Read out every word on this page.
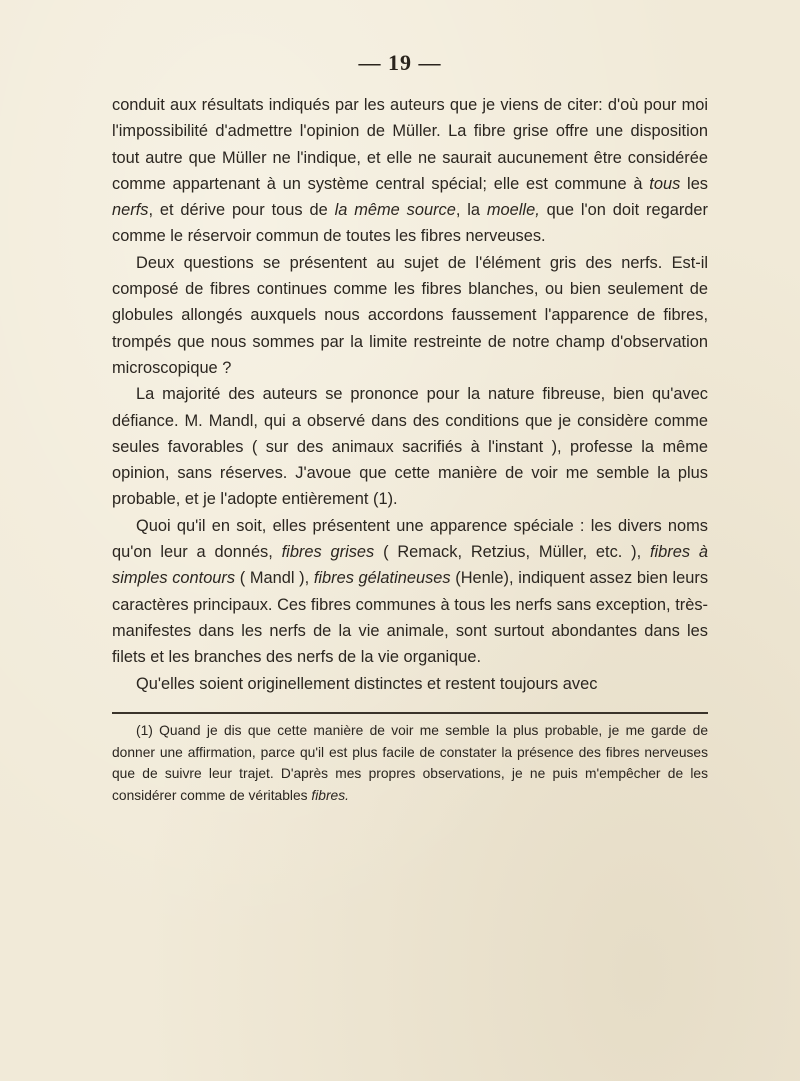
— 19 —

conduit aux résultats indiqués par les auteurs que je viens de citer: d'où pour moi l'impossibilité d'admettre l'opinion de Müller. La fibre grise offre une disposition tout autre que Müller ne l'indique, et elle ne saurait aucunement être considérée comme appartenant à un système central spécial; elle est commune à tous les nerfs, et dérive pour tous de la même source, la moelle, que l'on doit regarder comme le réservoir commun de toutes les fibres nerveuses.

Deux questions se présentent au sujet de l'élément gris des nerfs. Est-il composé de fibres continues comme les fibres blanches, ou bien seulement de globules allongés auxquels nous accordons faussement l'apparence de fibres, trompés que nous sommes par la limite restreinte de notre champ d'observation microscopique ?

La majorité des auteurs se prononce pour la nature fibreuse, bien qu'avec défiance. M. Mandl, qui a observé dans des conditions que je considère comme seules favorables ( sur des animaux sacrifiés à l'instant ), professe la même opinion, sans réserves. J'avoue que cette manière de voir me semble la plus probable, et je l'adopte entièrement (1).

Quoi qu'il en soit, elles présentent une apparence spéciale : les divers noms qu'on leur a donnés, fibres grises ( Remack, Retzius, Müller, etc. ), fibres à simples contours ( Mandl ), fibres gélatineuses (Henle), indiquent assez bien leurs caractères principaux. Ces fibres communes à tous les nerfs sans exception, très-manifestes dans les nerfs de la vie animale, sont surtout abondantes dans les filets et les branches des nerfs de la vie organique.

Qu'elles soient originellement distinctes et restent toujours avec

(1) Quand je dis que cette manière de voir me semble la plus probable, je me garde de donner une affirmation, parce qu'il est plus facile de constater la présence des fibres nerveuses que de suivre leur trajet. D'après mes propres observations, je ne puis m'empêcher de les considérer comme de véritables fibres.
